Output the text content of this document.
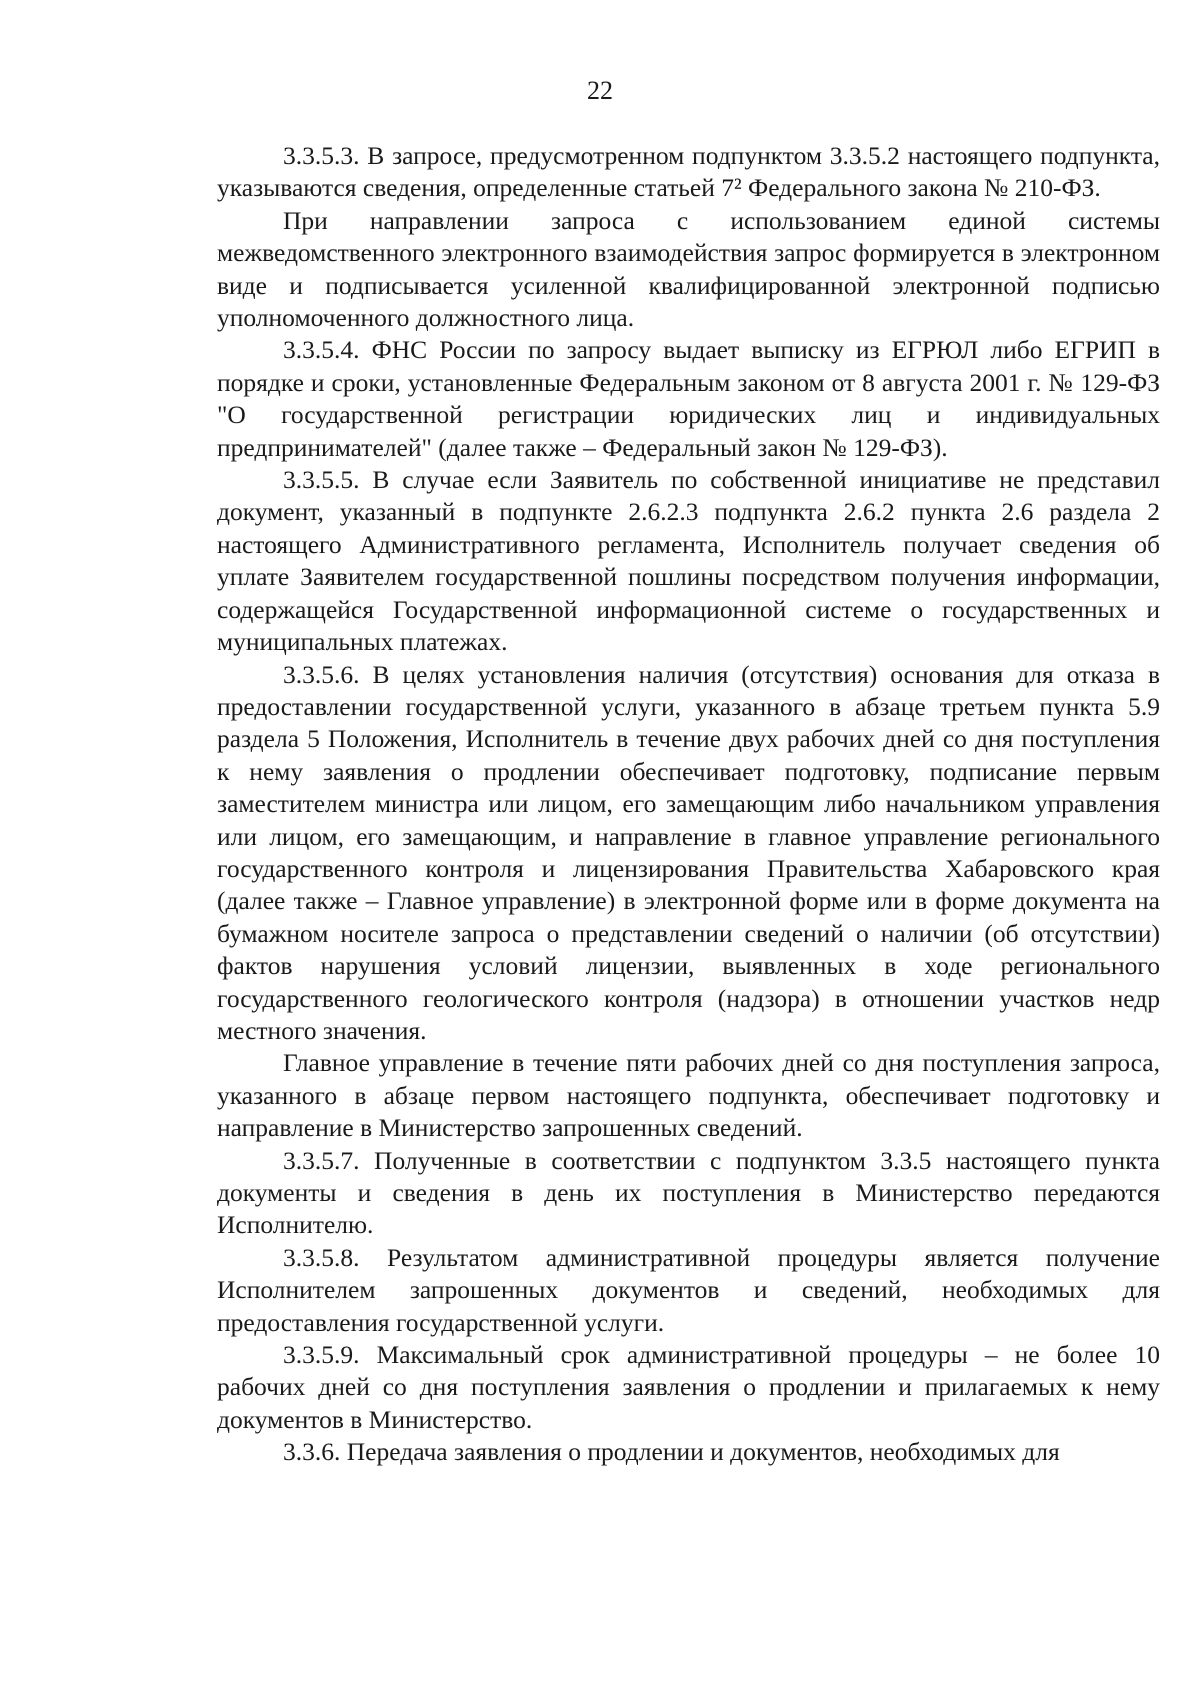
22

3.3.5.3. В запросе, предусмотренном подпунктом 3.3.5.2 настоящего подпункта, указываются сведения, определенные статьей 7² Федерального закона № 210-ФЗ.

При направлении запроса с использованием единой системы межведомственного электронного взаимодействия запрос формируется в электронном виде и подписывается усиленной квалифицированной электронной подписью уполномоченного должностного лица.

3.3.5.4. ФНС России по запросу выдает выписку из ЕГРЮЛ либо ЕГРИП в порядке и сроки, установленные Федеральным законом от 8 августа 2001 г. № 129-ФЗ "О государственной регистрации юридических лиц и индивидуальных предпринимателей" (далее также – Федеральный закон № 129-ФЗ).

3.3.5.5. В случае если Заявитель по собственной инициативе не представил документ, указанный в подпункте 2.6.2.3 подпункта 2.6.2 пункта 2.6 раздела 2 настоящего Административного регламента, Исполнитель получает сведения об уплате Заявителем государственной пошлины посредством получения информации, содержащейся Государственной информационной системе о государственных и муниципальных платежах.

3.3.5.6. В целях установления наличия (отсутствия) основания для отказа в предоставлении государственной услуги, указанного в абзаце третьем пункта 5.9 раздела 5 Положения, Исполнитель в течение двух рабочих дней со дня поступления к нему заявления о продлении обеспечивает подготовку, подписание первым заместителем министра или лицом, его замещающим либо начальником управления или лицом, его замещающим, и направление в главное управление регионального государственного контроля и лицензирования Правительства Хабаровского края (далее также – Главное управление) в электронной форме или в форме документа на бумажном носителе запроса о представлении сведений о наличии (об отсутствии) фактов нарушения условий лицензии, выявленных в ходе регионального государственного геологического контроля (надзора) в отношении участков недр местного значения.

Главное управление в течение пяти рабочих дней со дня поступления запроса, указанного в абзаце первом настоящего подпункта, обеспечивает подготовку и направление в Министерство запрошенных сведений.

3.3.5.7. Полученные в соответствии с подпунктом 3.3.5 настоящего пункта документы и сведения в день их поступления в Министерство передаются Исполнителю.

3.3.5.8. Результатом административной процедуры является получение Исполнителем запрошенных документов и сведений, необходимых для предоставления государственной услуги.

3.3.5.9. Максимальный срок административной процедуры – не более 10 рабочих дней со дня поступления заявления о продлении и прилагаемых к нему документов в Министерство.

3.3.6. Передача заявления о продлении и документов, необходимых для
